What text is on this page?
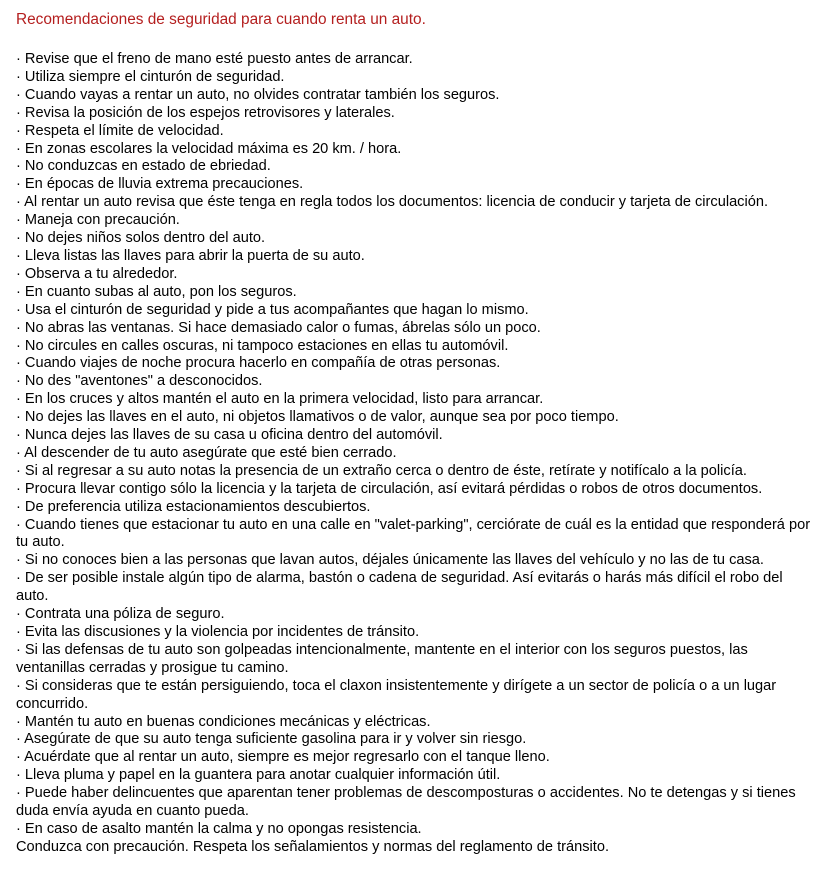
Recomendaciones de seguridad para cuando renta un auto.

· Revise que el freno de mano esté puesto antes de arrancar.
· Utiliza siempre el cinturón de seguridad.
· Cuando vayas a rentar un auto, no olvides contratar también los seguros.
· Revisa la posición de los espejos retrovisores y laterales.
· Respeta el límite de velocidad.
· En zonas escolares la velocidad máxima es 20 km. / hora.
· No conduzcas en estado de ebriedad.
· En épocas de lluvia extrema precauciones.
· Al rentar un auto revisa que éste tenga en regla todos los documentos: licencia de conducir y tarjeta de circulación.
· Maneja con precaución.
· No dejes niños solos dentro del auto.
· Lleva listas las llaves para abrir la puerta de su auto.
· Observa a tu alrededor.
· En cuanto subas al auto, pon los seguros.
· Usa el cinturón de seguridad y pide a tus acompañantes que hagan lo mismo.
· No abras las ventanas. Si hace demasiado calor o fumas, ábrelas sólo un poco.
· No circules en calles oscuras, ni tampoco estaciones en ellas tu automóvil.
· Cuando viajes de noche procura hacerlo en compañía de otras personas.
· No des "aventones" a desconocidos.
· En los cruces y altos mantén el auto en la primera velocidad, listo para arrancar.
· No dejes las llaves en el auto, ni objetos llamativos o de valor, aunque sea por poco tiempo.
· Nunca dejes las llaves de su casa u oficina dentro del automóvil.
· Al descender de tu auto asegúrate que esté bien cerrado.
· Si al regresar a su auto notas la presencia de un extraño cerca o dentro de éste, retírate y notifícalo a la policía.
· Procura llevar contigo sólo la licencia y la tarjeta de circulación, así evitará pérdidas o robos de otros documentos.
· De preferencia utiliza estacionamientos descubiertos.
· Cuando tienes que estacionar tu auto en una calle en "valet-parking", cerciórate de cuál es la entidad que responderá por tu auto.
· Si no conoces bien a las personas que lavan autos, déjales únicamente las llaves del vehículo y no las de tu casa.
· De ser posible instale algún tipo de alarma, bastón o cadena de seguridad. Así evitarás o harás más difícil el robo del auto.
· Contrata una póliza de seguro.
· Evita las discusiones y la violencia por incidentes de tránsito.
· Si las defensas de tu auto son golpeadas intencionalmente, mantente en el interior con los seguros puestos, las ventanillas cerradas y prosigue tu camino.
· Si consideras que te están persiguiendo, toca el claxon insistentemente y dirígete a un sector de policía o a un lugar concurrido.
· Mantén tu auto en buenas condiciones mecánicas y eléctricas.
· Asegúrate de que su auto tenga suficiente gasolina para ir y volver sin riesgo.
· Acuérdate que al rentar un auto, siempre es mejor regresarlo con el tanque lleno.
· Lleva pluma y papel en la guantera para anotar cualquier información útil.
· Puede haber delincuentes que aparentan tener problemas de descomposturas o accidentes. No te detengas y si tienes duda envía ayuda en cuanto pueda.
· En caso de asalto mantén la calma y no opongas resistencia.

Conduzca con precaución. Respeta los señalamientos y normas del reglamento de tránsito.
